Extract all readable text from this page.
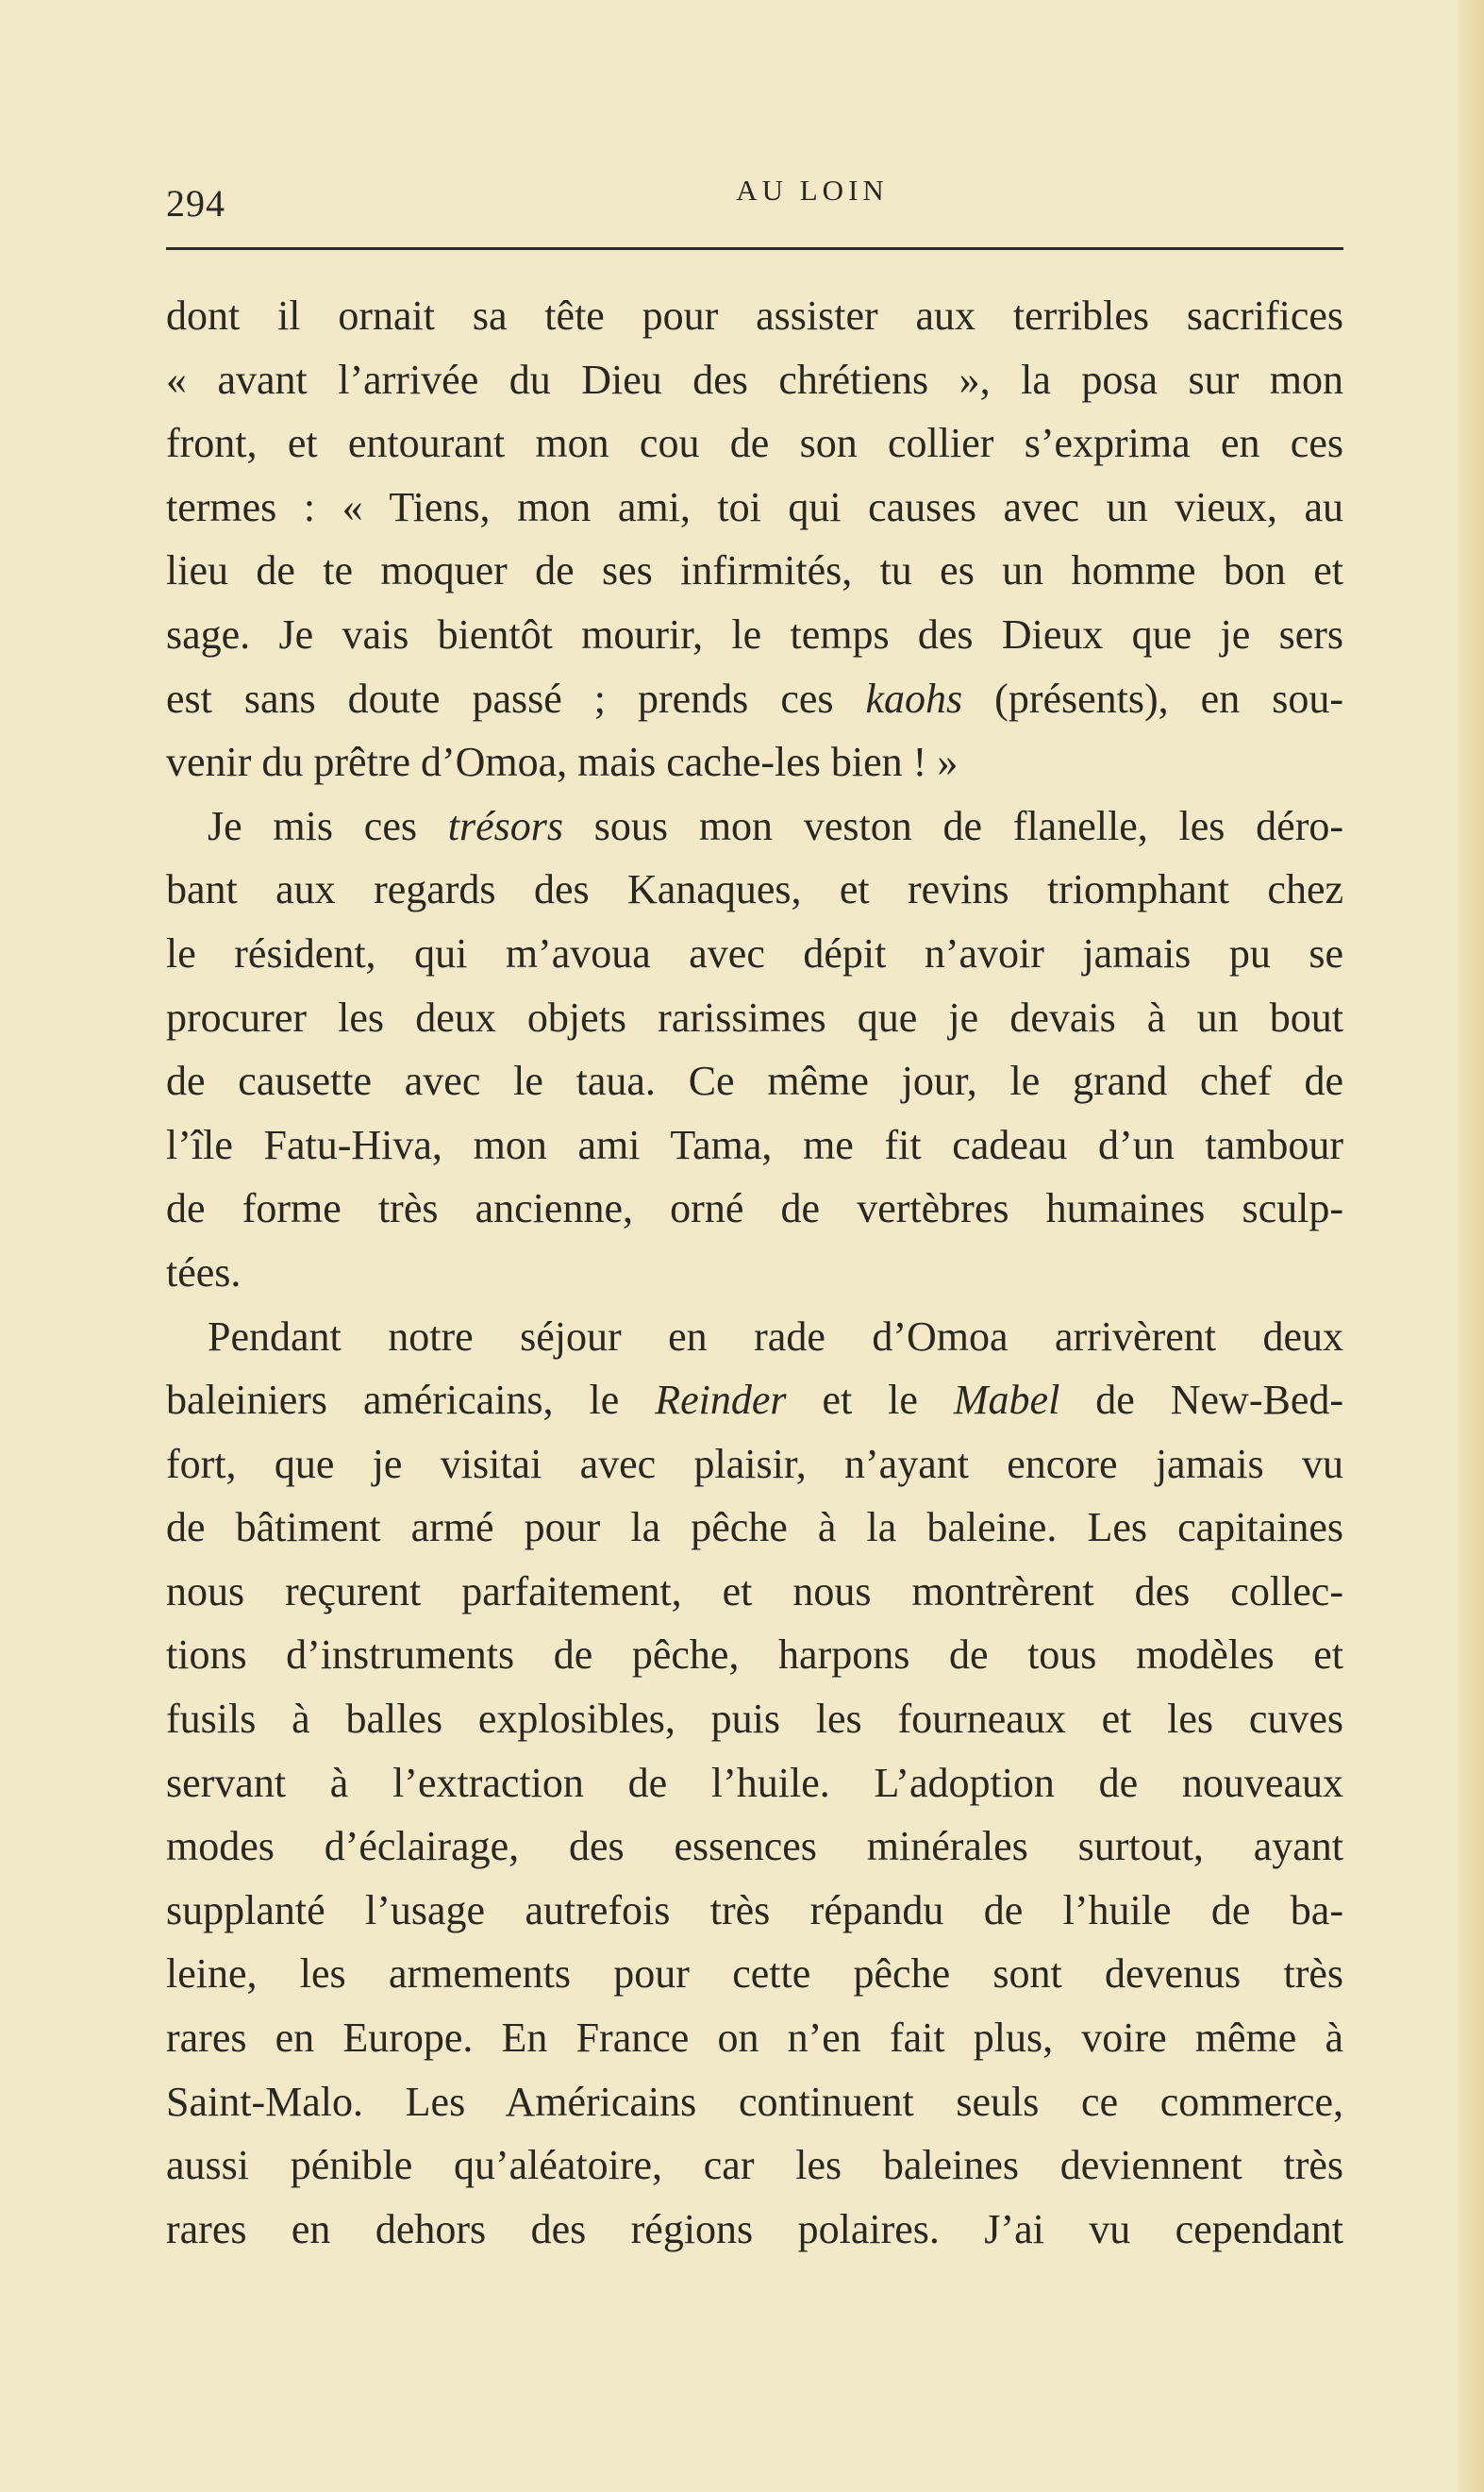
294	AU LOIN
dont il ornait sa tête pour assister aux terribles sacrifices
« avant l’arrivée du Dieu des chrétiens », la posa sur mon
front, et entourant mon cou de son collier s’exprima en ces
termes : « Tiens, mon ami, toi qui causes avec un vieux, au
lieu de te moquer de ses infirmités, tu es un homme bon et
sage. Je vais bientôt mourir, le temps des Dieux que je sers
est sans doute passé ; prends ces kaohs (présents), en sou-
venir du prêtre d’Omoa, mais cache-les bien ! »
Je mis ces trésors sous mon veston de flanelle, les déro-
bant aux regards des Kanaques, et revins triomphant chez
le résident, qui m’avoua avec dépit n’avoir jamais pu se
procurer les deux objets rarissimes que je devais à un bout
de causette avec le taua. Ce même jour, le grand chef de
l’île Fatu-Hiva, mon ami Tama, me fit cadeau d’un tambour
de forme très ancienne, orné de vertèbres humaines sculp-
tées.
Pendant notre séjour en rade d’Omoa arrivèrent deux
baleiniers américains, le Reinder et le Mabel de New-Bed-
fort, que je visitai avec plaisir, n’ayant encore jamais vu
de bâtiment armé pour la pêche à la baleine. Les capitaines
nous reçurent parfaitement, et nous montrèrent des collec-
tions d’instruments de pêche, harpons de tous modèles et
fusils à balles explosibles, puis les fourneaux et les cuves
servant à l’extraction de l’huile. L’adoption de nouveaux
modes d’éclairage, des essences minérales surtout, ayant
supplanté l’usage autrefois très répandu de l’huile de ba-
leine, les armements pour cette pêche sont devenus très
rares en Europe. En France on n’en fait plus, voire même à
Saint-Malo. Les Américains continuent seuls ce commerce,
aussi pénible qu’aléatoire, car les baleines deviennent très
rares en dehors des régions polaires. J’ai vu cependant
